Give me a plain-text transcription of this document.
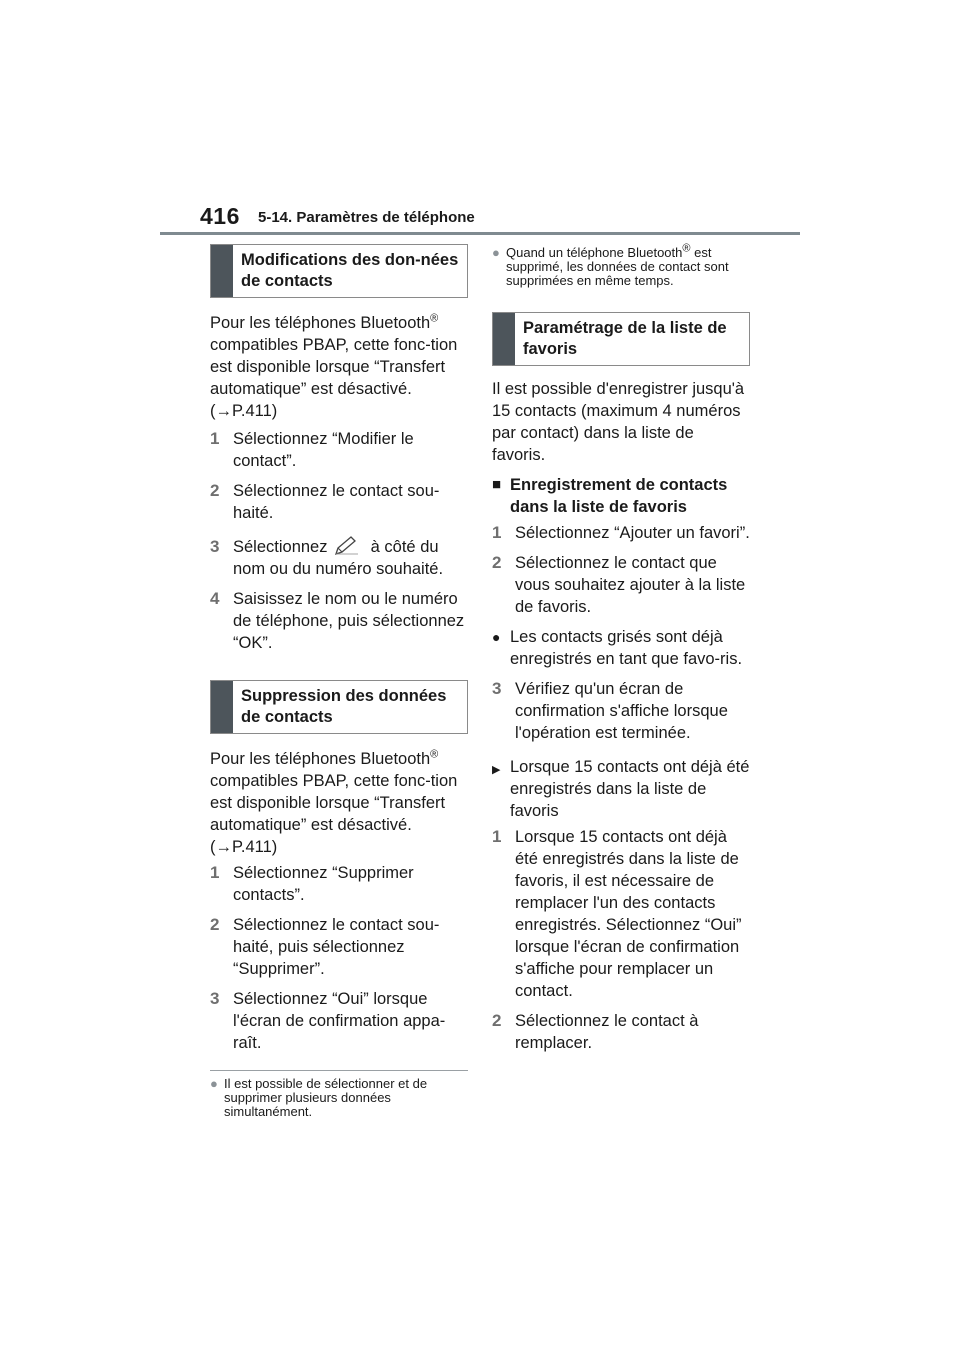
416 5-14. Paramètres de téléphone
Modifications des don-nées de contacts

Pour les téléphones Bluetooth® compatibles PBAP, cette fonc-tion est disponible lorsque “Transfert automatique” est désactivé. (→P.411)

1 Sélectionnez “Modifier le contact”.
2 Sélectionnez le contact sou-haité.
3 Sélectionnez  à côté du nom ou du numéro souhaité.
4 Saisissez le nom ou le numéro de téléphone, puis sélectionnez “OK”.
Suppression des données de contacts

Pour les téléphones Bluetooth® compatibles PBAP, cette fonc-tion est disponible lorsque “Transfert automatique” est désactivé. (→P.411)

1 Sélectionnez “Supprimer contacts”.
2 Sélectionnez le contact sou-haité, puis sélectionnez “Supprimer”.
3 Sélectionnez “Oui” lorsque l'écran de confirmation appa-raît.
● Il est possible de sélectionner et de supprimer plusieurs données simultanément.
● Quand un téléphone Bluetooth® est supprimé, les données de contact sont supprimées en même temps.
Paramétrage de la liste de favoris

Il est possible d'enregistrer jusqu'à 15 contacts (maximum 4 numéros par contact) dans la liste de favoris.

■ Enregistrement de contacts dans la liste de favoris
1 Sélectionnez “Ajouter un favori”.
2 Sélectionnez le contact que vous souhaitez ajouter à la liste de favoris.
● Les contacts grisés sont déjà enregistrés en tant que favo-ris.
3 Vérifiez qu'un écran de confirmation s'affiche lorsque l'opération est terminée.
▶ Lorsque 15 contacts ont déjà été enregistrés dans la liste de favoris
1 Lorsque 15 contacts ont déjà été enregistrés dans la liste de favoris, il est nécessaire de remplacer l'un des contacts enregistrés. Sélectionnez “Oui” lorsque l'écran de confirmation s'affiche pour remplacer un contact.
2 Sélectionnez le contact à remplacer.
